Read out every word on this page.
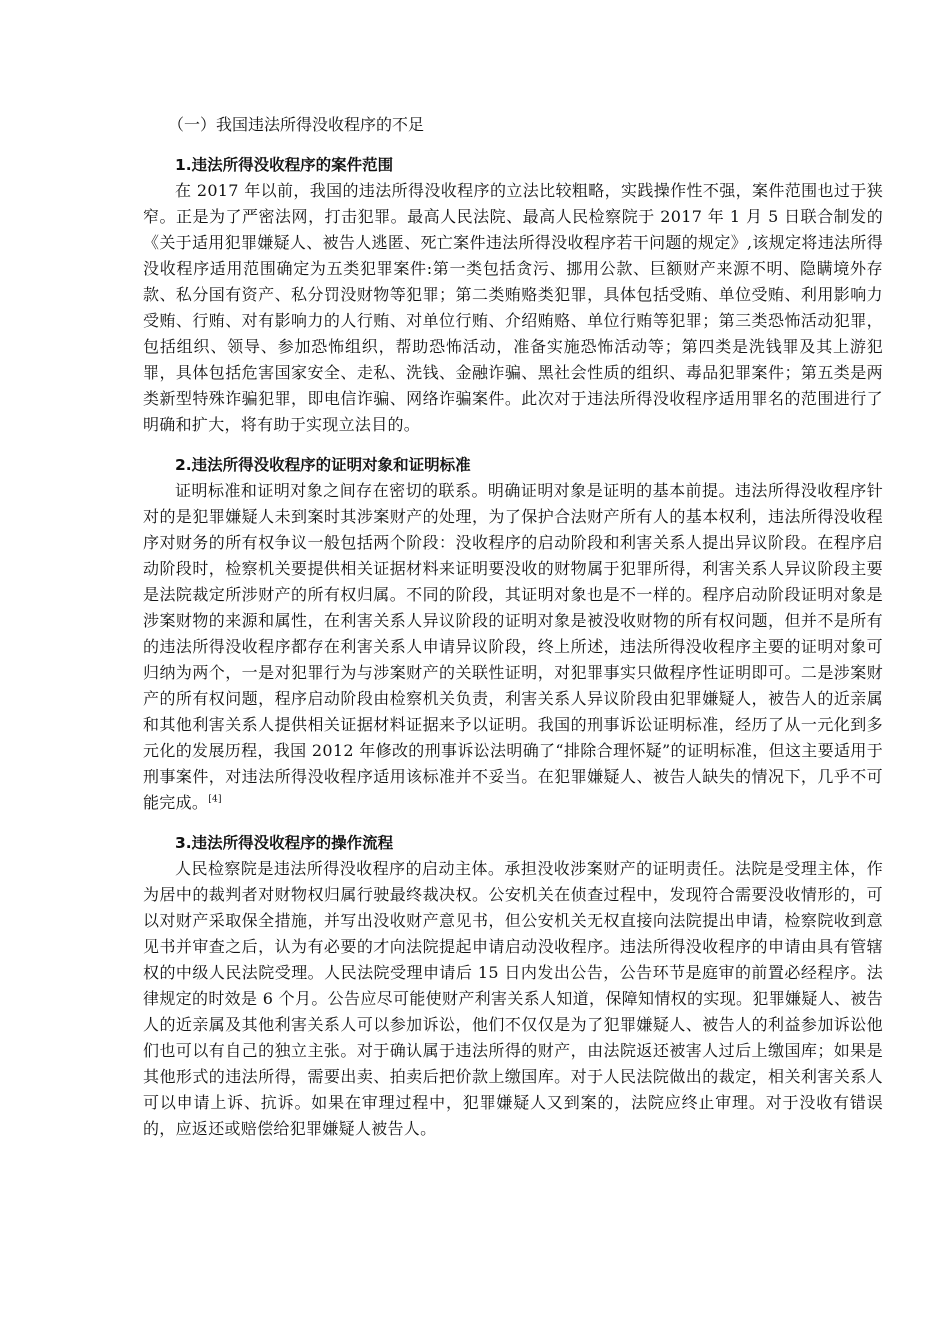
（一）我国违法所得没收程序的不足
1.违法所得没收程序的案件范围

在 2017 年以前，我国的违法所得没收程序的立法比较粗略，实践操作性不强，案件范围也过于狭窄。正是为了严密法网，打击犯罪。最高人民法院、最高人民检察院于 2017 年 1 月 5 日联合制发的《关于适用犯罪嫌疑人、被告人逃匿、死亡案件违法所得没收程序若干问题的规定》,该规定将违法所得没收程序适用范围确定为五类犯罪案件:第一类包括贪污、挪用公款、巨额财产来源不明、隐瞒境外存款、私分国有资产、私分罚没财物等犯罪；第二类贿赂类犯罪，具体包括受贿、单位受贿、利用影响力受贿、行贿、对有影响力的人行贿、对单位行贿、介绍贿赂、单位行贿等犯罪；第三类恐怖活动犯罪，包括组织、领导、参加恐怖组织，帮助恐怖活动，准备实施恐怖活动等；第四类是洗钱罪及其上游犯罪，具体包括危害国家安全、走私、洗钱、金融诈骗、黑社会性质的组织、毒品犯罪案件；第五类是两类新型特殊诈骗犯罪，即电信诈骗、网络诈骗案件。此次对于违法所得没收程序适用罪名的范围进行了明确和扩大，将有助于实现立法目的。

2.违法所得没收程序的证明对象和证明标准

证明标准和证明对象之间存在密切的联系。明确证明对象是证明的基本前提。违法所得没收程序针对的是犯罪嫌疑人未到案时其涉案财产的处理，为了保护合法财产所有人的基本权利，违法所得没收程序对财务的所有权争议一般包括两个阶段：没收程序的启动阶段和利害关系人提出异议阶段。在程序启动阶段时，检察机关要提供相关证据材料来证明要没收的财物属于犯罪所得，利害关系人异议阶段主要是法院裁定所涉财产的所有权归属。不同的阶段，其证明对象也是不一样的。程序启动阶段证明对象是涉案财物的来源和属性，在利害关系人异议阶段的证明对象是被没收财物的所有权问题，但并不是所有的违法所得没收程序都存在利害关系人申请异议阶段，终上所述，违法所得没收程序主要的证明对象可归纳为两个，一是对犯罪行为与涉案财产的关联性证明，对犯罪事实只做程序性证明即可。二是涉案财产的所有权问题，程序启动阶段由检察机关负责，利害关系人异议阶段由犯罪嫌疑人，被告人的近亲属和其他利害关系人提供相关证据材料证据来予以证明。我国的刑事诉讼证明标准，经历了从一元化到多元化的发展历程，我国 2012 年修改的刑事诉讼法明确了“排除合理怀疑”的证明标准，但这主要适用于刑事案件，对违法所得没收程序适用该标准并不妥当。在犯罪嫌疑人、被告人缺失的情况下，几乎不可能完成。[4]

3.违法所得没收程序的操作流程

人民检察院是违法所得没收程序的启动主体。承担没收涉案财产的证明责任。法院是受理主体，作为居中的裁判者对财物权归属行驶最终裁决权。公安机关在侦查过程中，发现符合需要没收情形的，可以对财产采取保全措施，并写出没收财产意见书，但公安机关无权直接向法院提出申请，检察院收到意见书并审查之后，认为有必要的才向法院提起申请启动没收程序。违法所得没收程序的申请由具有管辖权的中级人民法院受理。人民法院受理申请后 15 日内发出公告，公告环节是庭审的前置必经程序。法律规定的时效是 6 个月。公告应尽可能使财产利害关系人知道，保障知情权的实现。犯罪嫌疑人、被告人的近亲属及其他利害关系人可以参加诉讼，他们不仅仅是为了犯罪嫌疑人、被告人的利益参加诉讼他们也可以有自己的独立主张。对于确认属于违法所得的财产，由法院返还被害人过后上缴国库；如果是其他形式的违法所得，需要出卖、拍卖后把价款上缴国库。对于人民法院做出的裁定，相关利害关系人可以申请上诉、抗诉。如果在审理过程中，犯罪嫌疑人又到案的，法院应终止审理。对于没收有错误的，应返还或赔偿给犯罪嫌疑人被告人。
